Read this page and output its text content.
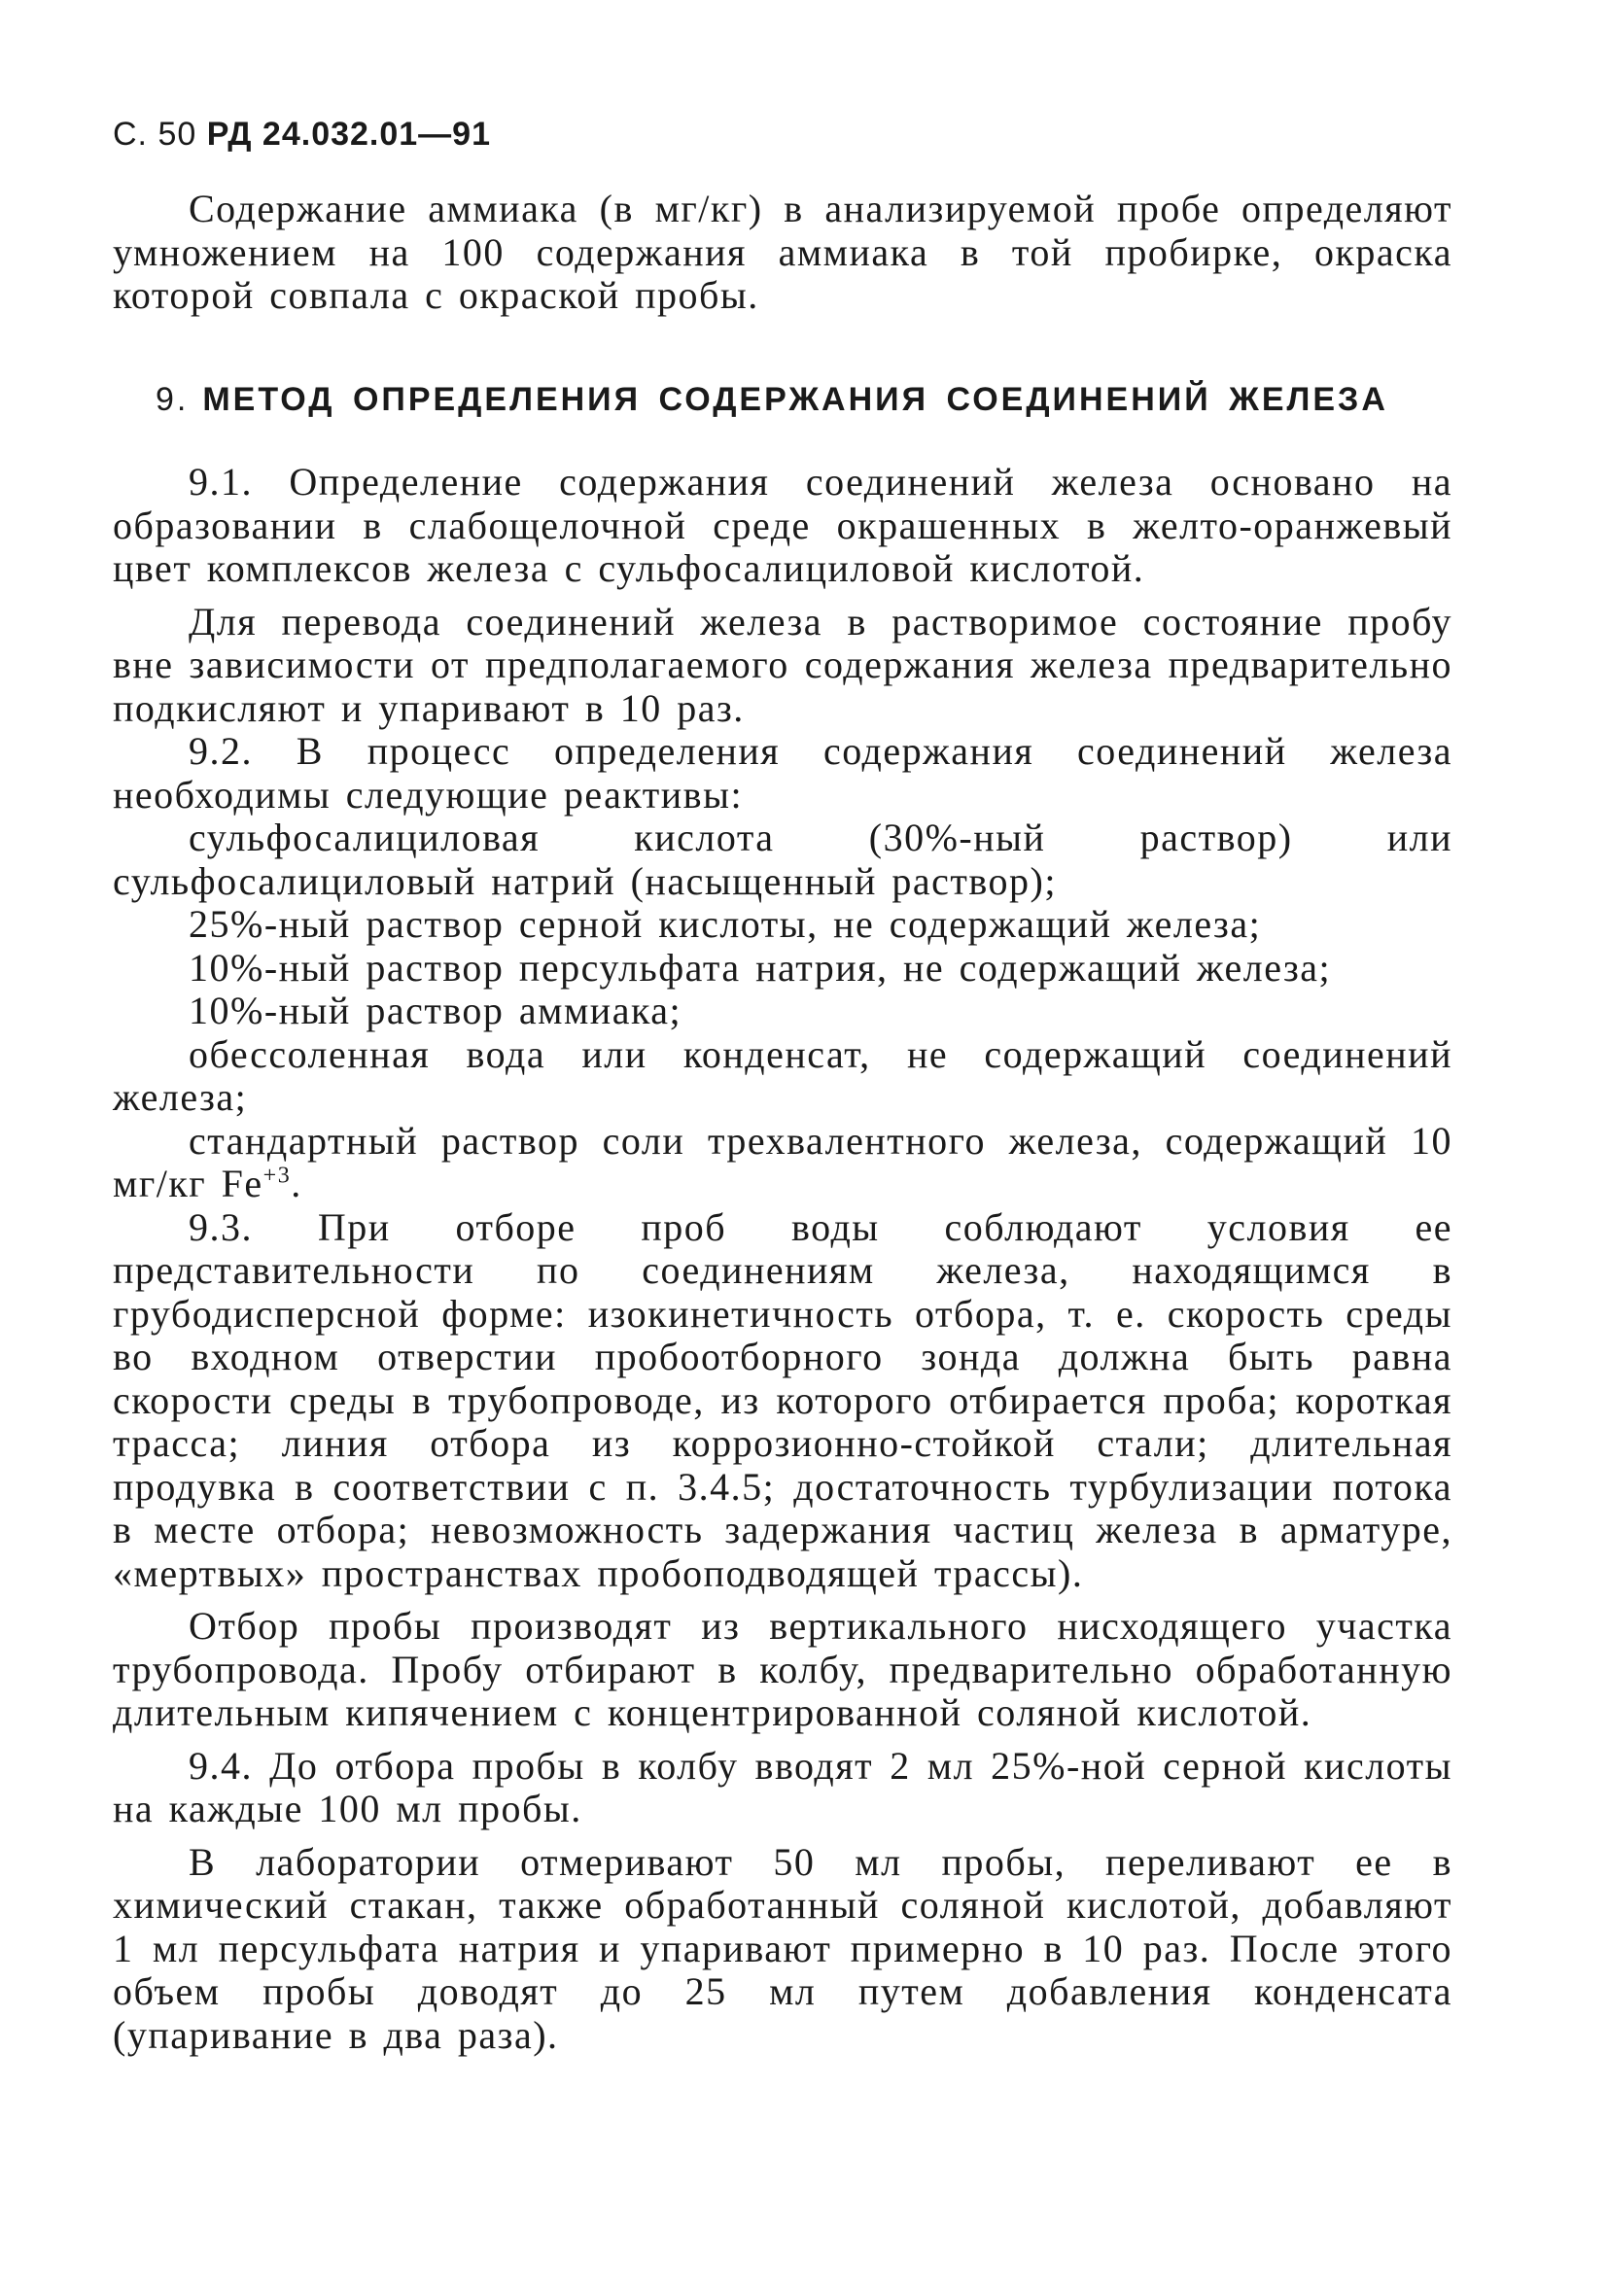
С. 50 РД 24.032.01—91

Содержание аммиака (в мг/кг) в анализируемой пробе определяют умножением на 100 содержания аммиака в той пробирке, окраска которой совпала с окраской пробы.

9. МЕТОД ОПРЕДЕЛЕНИЯ СОДЕРЖАНИЯ СОЕДИНЕНИЙ ЖЕЛЕЗА

9.1. Определение содержания соединений железа основано на образовании в слабощелочной среде окрашенных в желто-оранжевый цвет комплексов железа с сульфосалициловой кислотой.

Для перевода соединений железа в растворимое состояние пробу вне зависимости от предполагаемого содержания железа предварительно подкисляют и упаривают в 10 раз.

9.2. В процесс определения содержания соединений железа необходимы следующие реактивы:

сульфосалициловая кислота (30%-ный раствор) или сульфосалициловый натрий (насыщенный раствор);

25%-ный раствор серной кислоты, не содержащий железа;

10%-ный раствор персульфата натрия, не содержащий железа;

10%-ный раствор аммиака;

обессоленная вода или конденсат, не содержащий соединений железа;

стандартный раствор соли трехвалентного железа, содержащий 10 мг/кг $Fe^{+3}$.

9.3. При отборе проб воды соблюдают условия ее представительности по соединениям железа, находящимся в грубодисперсной форме: изокинетичность отбора, т. е. скорость среды во входном отверстии пробоотборного зонда должна быть равна скорости среды в трубопроводе, из которого отбирается проба; короткая трасса; линия отбора из коррозионно-стойкой стали; длительная продувка в соответствии с п. 3.4.5; достаточность турбулизации потока в месте отбора; невозможность задержания частиц железа в арматуре, «мертвых» пространствах пробоподводящей трассы).

Отбор пробы производят из вертикального нисходящего участка трубопровода. Пробу отбирают в колбу, предварительно обработанную длительным кипячением с концентрированной соляной кислотой.

9.4. До отбора пробы в колбу вводят 2 мл 25%-ной серной кислоты на каждые 100 мл пробы.

В лаборатории отмеривают 50 мл пробы, переливают ее в химический стакан, также обработанный соляной кислотой, добавляют 1 мл персульфата натрия и упаривают примерно в 10 раз. После этого объем пробы доводят до 25 мл путем добавления конденсата (упаривание в два раза).
